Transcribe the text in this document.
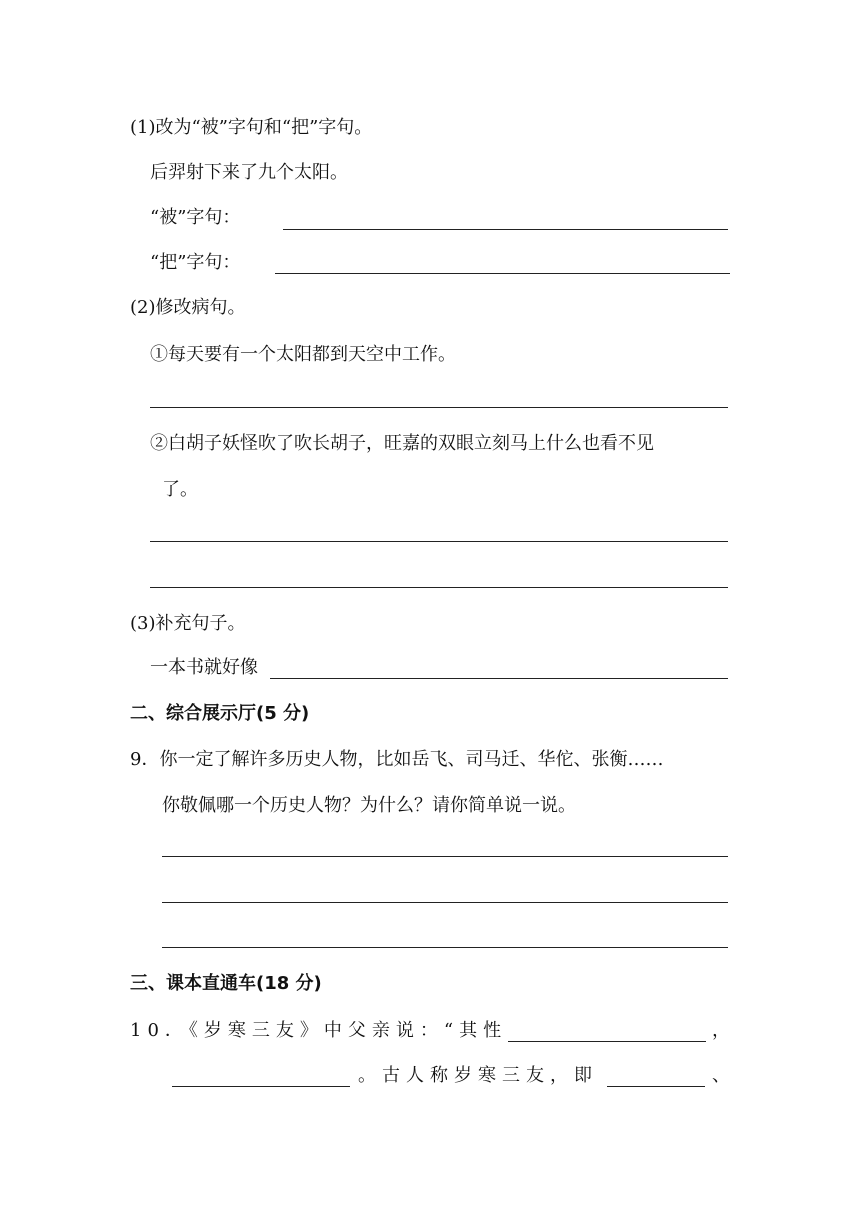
(1)改为“被”字句和“把”字句。
后羿射下来了九个太阳。
“被”字句：
“把”字句：
(2)修改病句。
①每天要有一个太阳都到天空中工作。
②白胡子妖怪吹了吹长胡子，旺嘉的双眼立刻马上什么也看不见
了。
(3)补充句子。
一本书就好像
二、综合展示厅(5 分)
9．你一定了解许多历史人物，比如岳飞、司马迁、华佗、张衡……
你敬佩哪一个历史人物？为什么？请你简单说一说。
三、课本直通车(18 分)
10．《岁寒三友》中父亲说：“其性	，
。古人称岁寒三友，即	、
